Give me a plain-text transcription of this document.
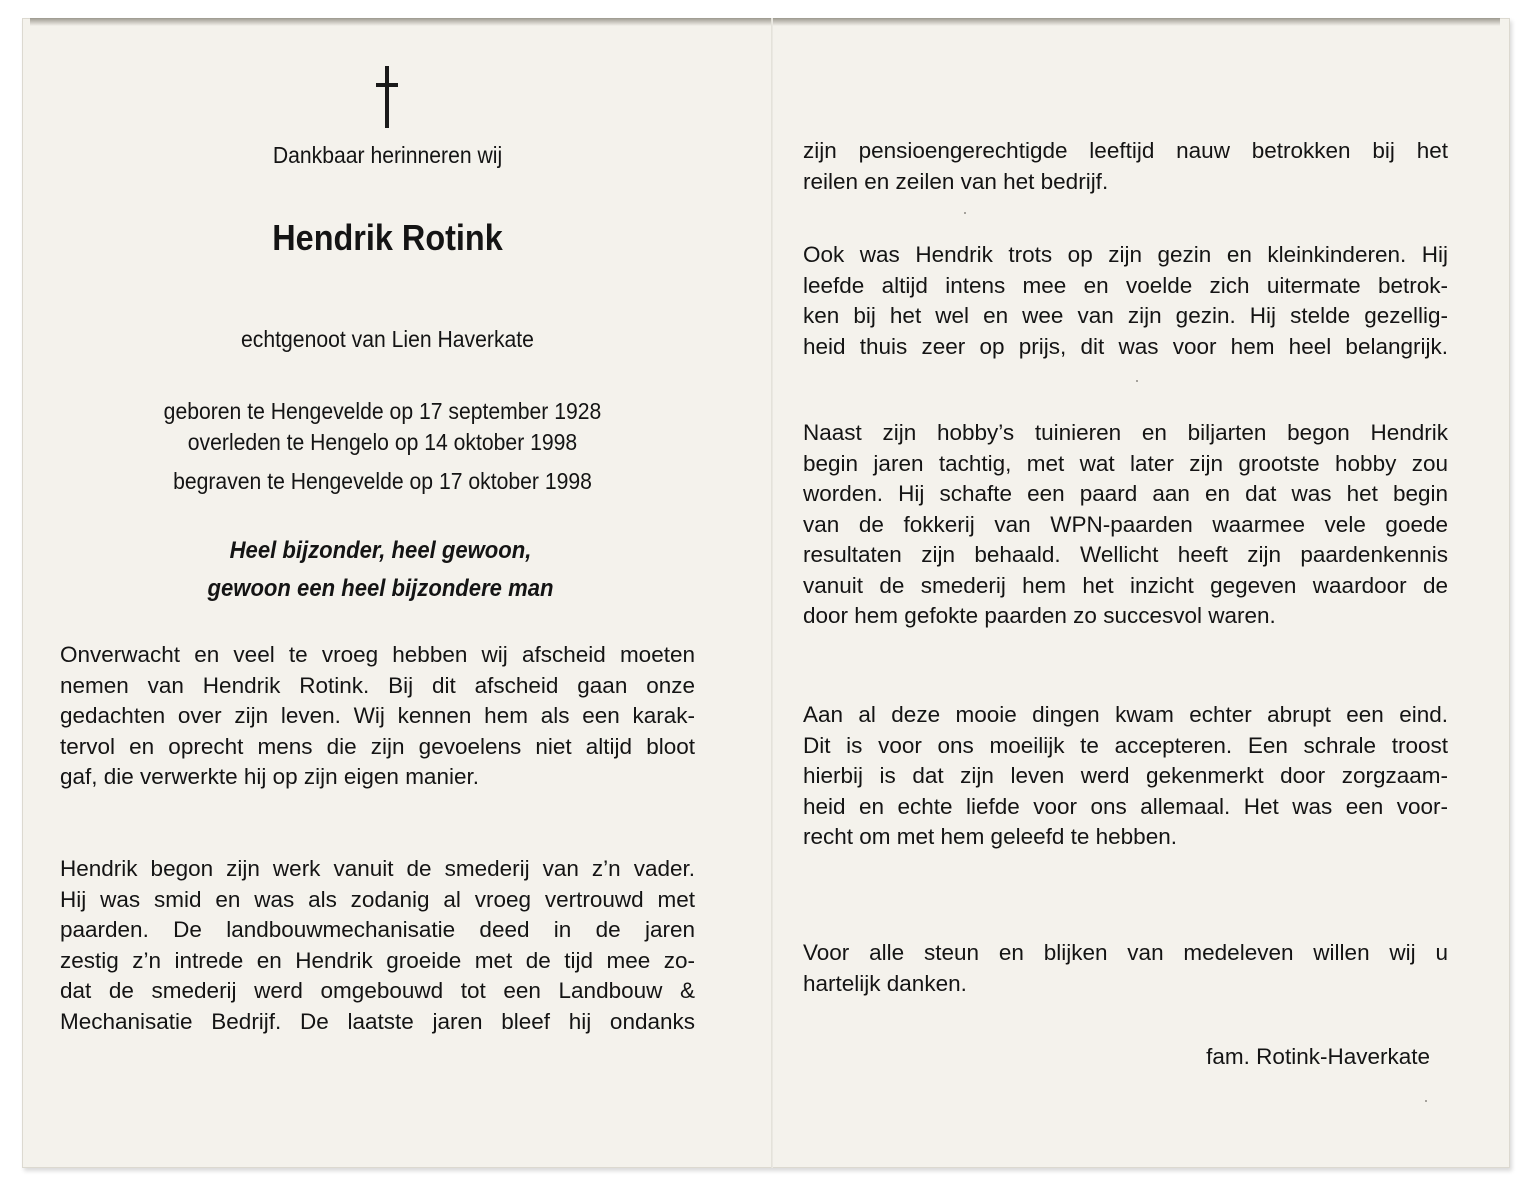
Dankbaar herinneren wij
Hendrik Rotink
echtgenoot van Lien Haverkate
geboren te Hengevelde op 17 september 1928
overleden te Hengelo op 14 oktober 1998
begraven te Hengevelde op 17 oktober 1998
Heel bijzonder, heel gewoon,
gewoon een heel bijzondere man
Onverwacht en veel te vroeg hebben wij afscheid moeten
nemen van Hendrik Rotink. Bij dit afscheid gaan onze
gedachten over zijn leven. Wij kennen hem als een karak-
tervol en oprecht mens die zijn gevoelens niet altijd bloot
gaf, die verwerkte hij op zijn eigen manier.
Hendrik begon zijn werk vanuit de smederij van z’n vader.
Hij was smid en was als zodanig al vroeg vertrouwd met
paarden. De landbouwmechanisatie deed in de jaren
zestig z’n intrede en Hendrik groeide met de tijd mee zo-
dat de smederij werd omgebouwd tot een Landbouw &
Mechanisatie Bedrijf. De laatste jaren bleef hij ondanks
zijn pensioengerechtigde leeftijd nauw betrokken bij het
reilen en zeilen van het bedrijf.
Ook was Hendrik trots op zijn gezin en kleinkinderen. Hij
leefde altijd intens mee en voelde zich uitermate betrok-
ken bij het wel en wee van zijn gezin. Hij stelde gezellig-
heid thuis zeer op prijs, dit was voor hem heel belangrijk.
Naast zijn hobby’s tuinieren en biljarten begon Hendrik
begin jaren tachtig, met wat later zijn grootste hobby zou
worden. Hij schafte een paard aan en dat was het begin
van de fokkerij van WPN-paarden waarmee vele goede
resultaten zijn behaald. Wellicht heeft zijn paardenkennis
vanuit de smederij hem het inzicht gegeven waardoor de
door hem gefokte paarden zo succesvol waren.
Aan al deze mooie dingen kwam echter abrupt een eind.
Dit is voor ons moeilijk te accepteren. Een schrale troost
hierbij is dat zijn leven werd gekenmerkt door zorgzaam-
heid en echte liefde voor ons allemaal. Het was een voor-
recht om met hem geleefd te hebben.
Voor alle steun en blijken van medeleven willen wij u
hartelijk danken.
fam. Rotink-Haverkate
